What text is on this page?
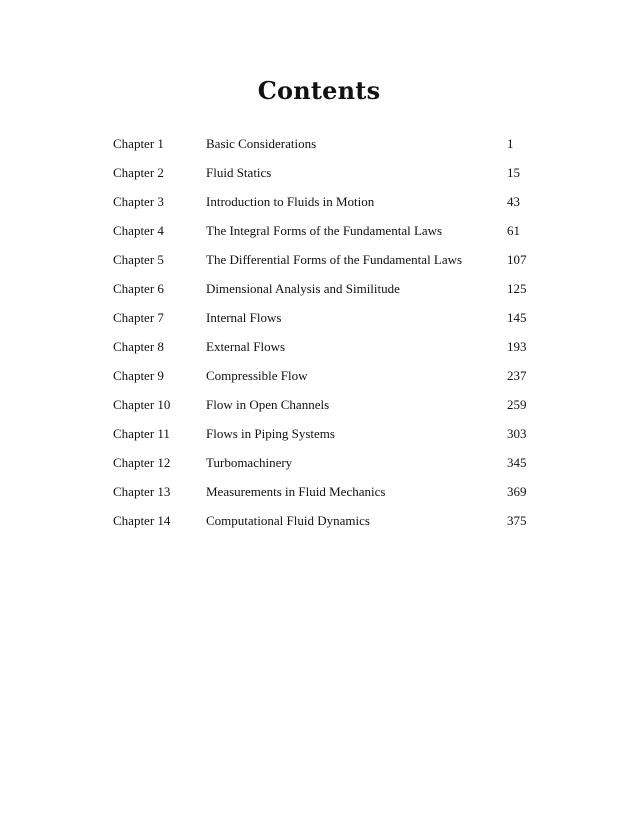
Contents
Chapter 1	Basic Considerations	1
Chapter 2	Fluid Statics	15
Chapter 3	Introduction to Fluids in Motion	43
Chapter 4	The Integral Forms of the Fundamental Laws	61
Chapter 5	The Differential Forms of the Fundamental Laws	107
Chapter 6	Dimensional Analysis and Similitude	125
Chapter 7	Internal Flows	145
Chapter 8	External Flows	193
Chapter 9	Compressible Flow	237
Chapter 10	Flow in Open Channels	259
Chapter 11	Flows in Piping Systems	303
Chapter 12	Turbomachinery	345
Chapter 13	Measurements in Fluid Mechanics	369
Chapter 14	Computational Fluid Dynamics	375
